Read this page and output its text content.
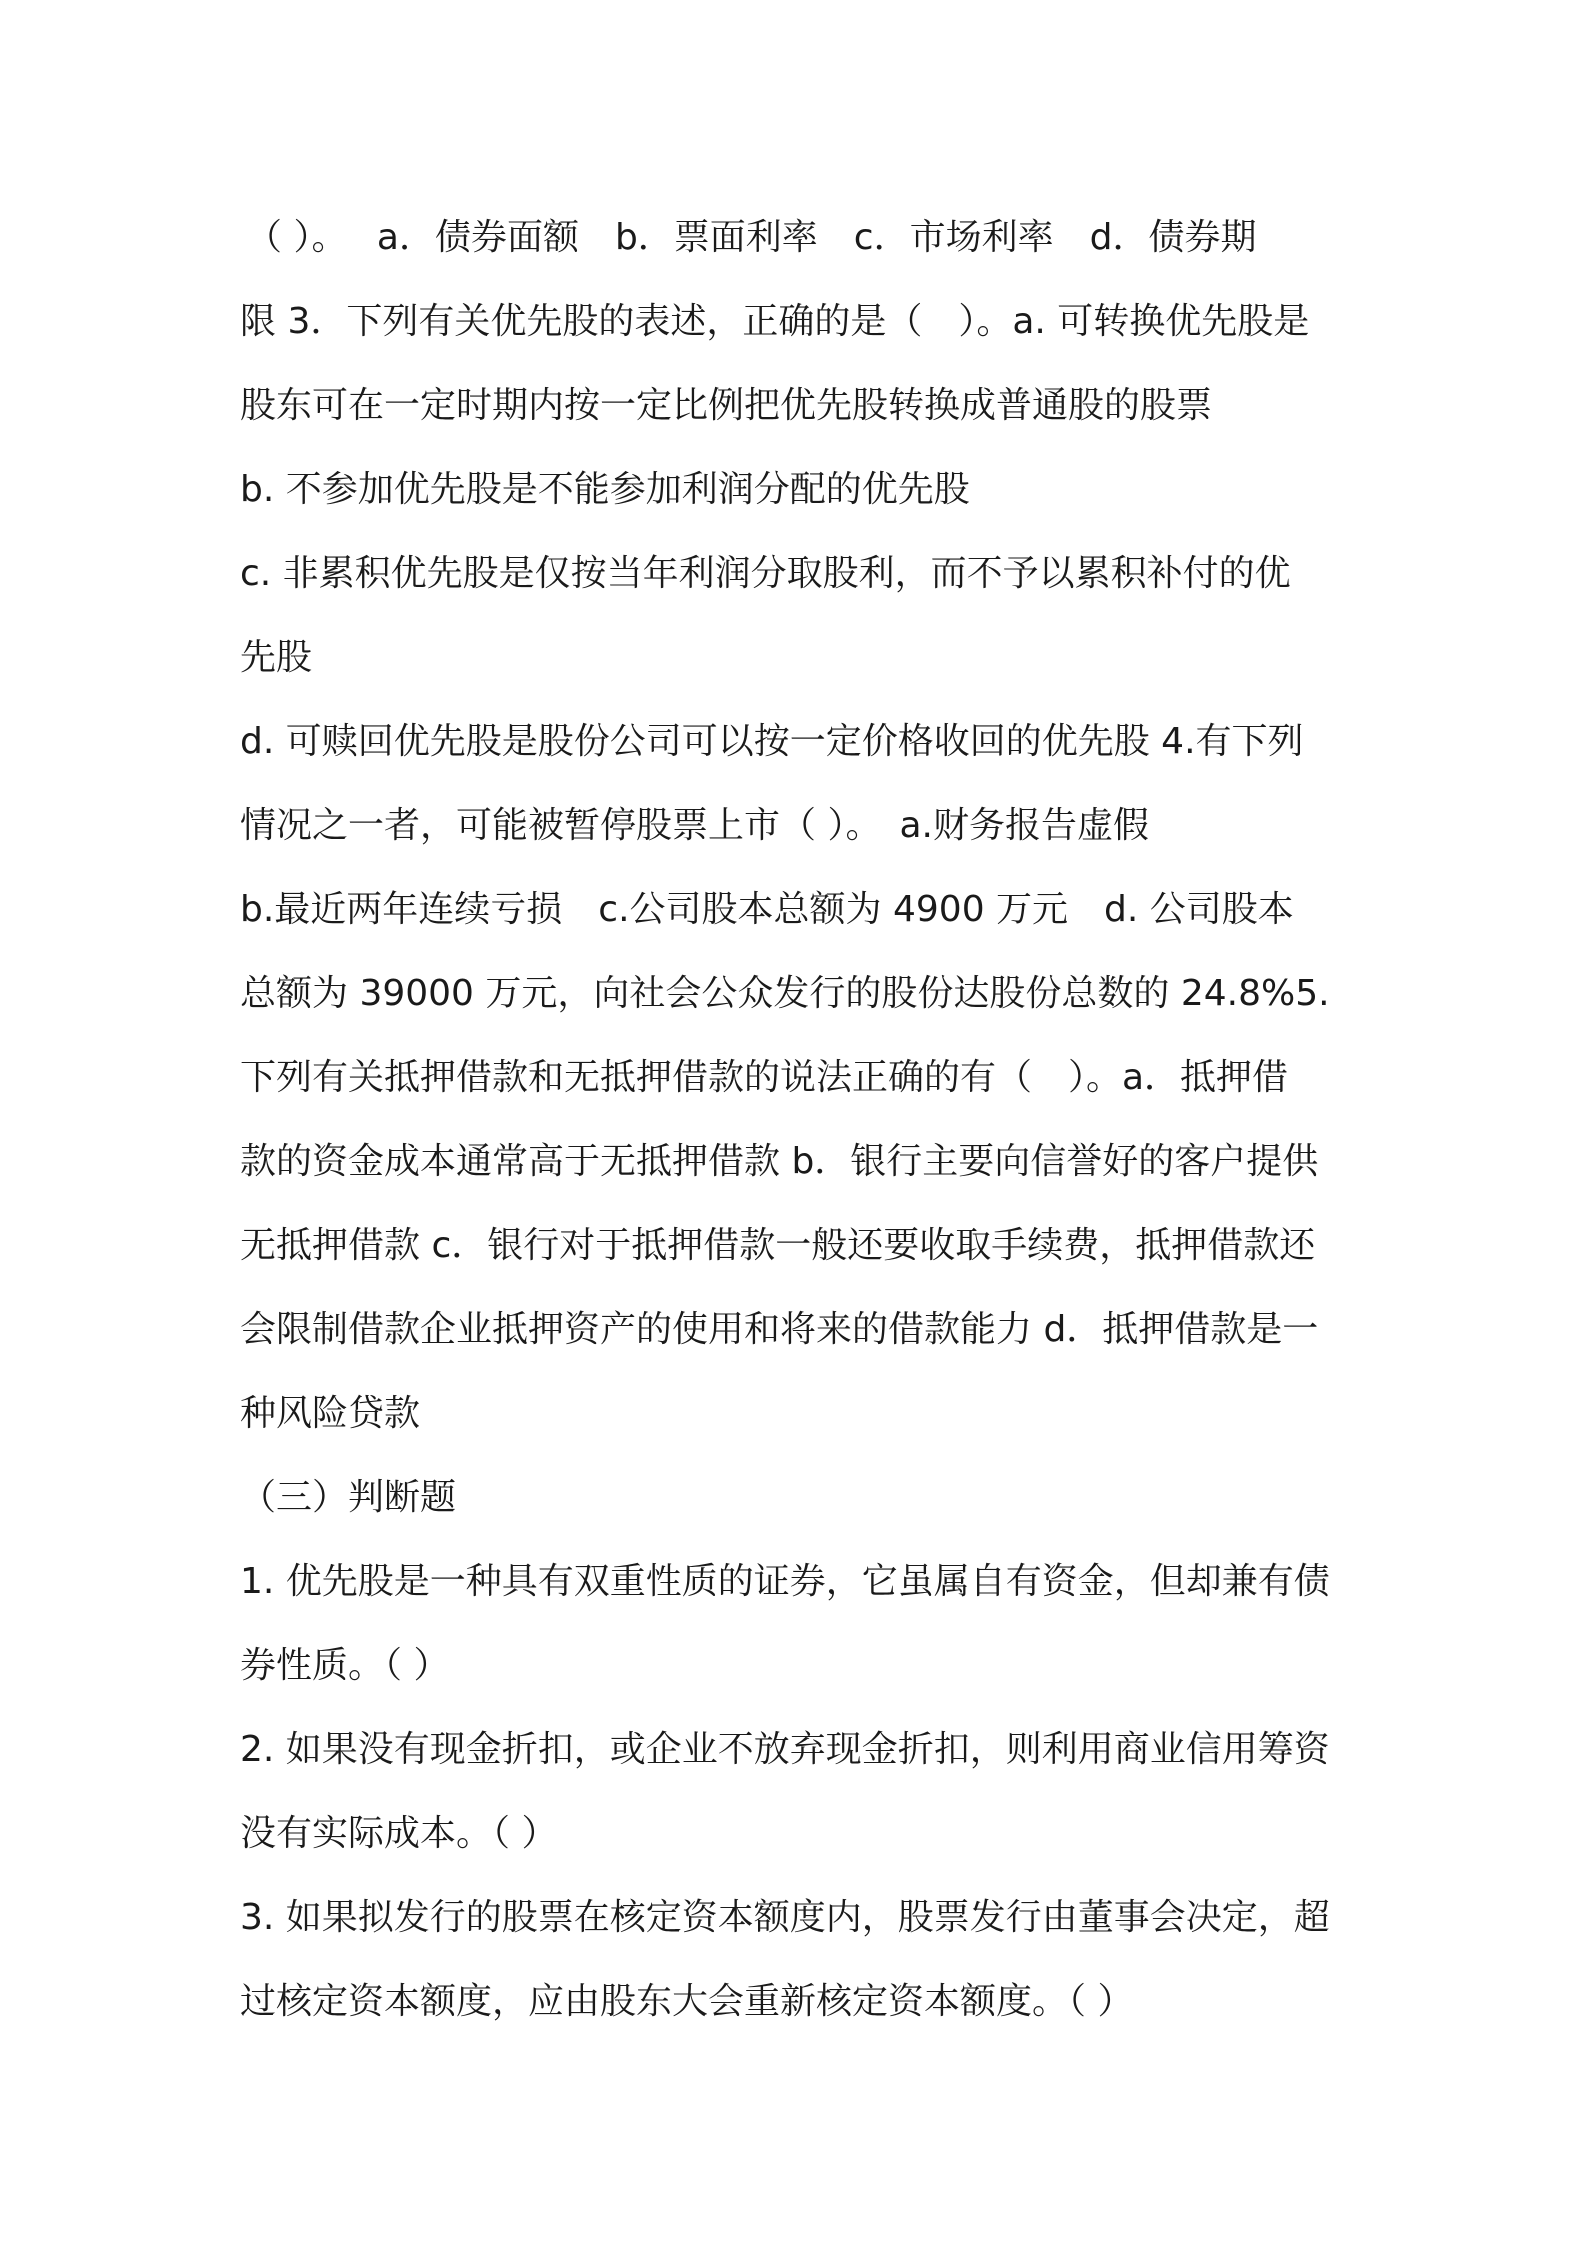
（ ）。　 a．债券面额　b．票面利率　c．市场利率　d．债券期

限 3．下列有关优先股的表述，正确的是（　）。a. 可转换优先股是

股东可在一定时期内按一定比例把优先股转换成普通股的股票

b. 不参加优先股是不能参加利润分配的优先股

c. 非累积优先股是仅按当年利润分取股利，而不予以累积补付的优

先股

d. 可赎回优先股是股份公司可以按一定价格收回的优先股 4.有下列

情况之一者，可能被暂停股票上市（ ）。　a.财务报告虚假

b.最近两年连续亏损　c.公司股本总额为 4900 万元　d. 公司股本

总额为 39000 万元，向社会公众发行的股份达股份总数的 24.8%5.

下列有关抵押借款和无抵押借款的说法正确的有（　）。a．抵押借

款的资金成本通常高于无抵押借款 b．银行主要向信誉好的客户提供

无抵押借款 c．银行对于抵押借款一般还要收取手续费，抵押借款还

会限制借款企业抵押资产的使用和将来的借款能力 d．抵押借款是一

种风险贷款

（三）判断题

1. 优先股是一种具有双重性质的证券，它虽属自有资金，但却兼有债

券性质。（ ）

2. 如果没有现金折扣，或企业不放弃现金折扣，则利用商业信用筹资

没有实际成本。（ ）

3. 如果拟发行的股票在核定资本额度内，股票发行由董事会决定，超

过核定资本额度，应由股东大会重新核定资本额度。（ ）
